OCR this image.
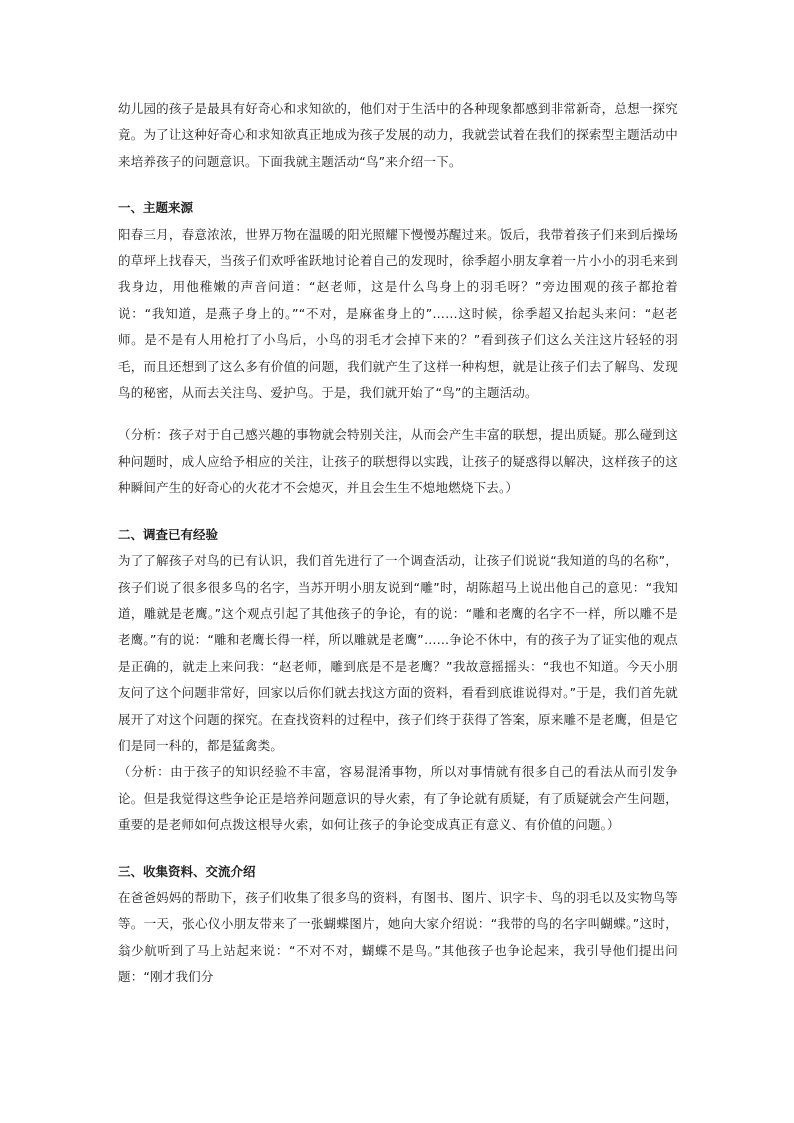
幼儿园的孩子是最具有好奇心和求知欲的，他们对于生活中的各种现象都感到非常新奇，总想一探究竟。为了让这种好奇心和求知欲真正地成为孩子发展的动力，我就尝试着在我们的探索型主题活动中来培养孩子的问题意识。下面我就主题活动“鸟”来介绍一下。

一、主题来源

阳春三月，春意浓浓，世界万物在温暖的阳光照耀下慢慢苏醒过来。饭后，我带着孩子们来到后操场的草坪上找春天，当孩子们欢呼雀跃地讨论着自己的发现时，徐季超小朋友拿着一片小小的羽毛来到我身边，用他稚嫩的声音问道：“赵老师，这是什么鸟身上的羽毛呀？”旁边围观的孩子都抢着说：“我知道，是燕子身上的。”“不对，是麻雀身上的”……这时候，徐季超又抬起头来问：“赵老师。是不是有人用枪打了小鸟后，小鸟的羽毛才会掉下来的？”看到孩子们这么关注这片轻轻的羽毛，而且还想到了这么多有价值的问题，我们就产生了这样一种构想，就是让孩子们去了解鸟、发现鸟的秘密，从而去关注鸟、爱护鸟。于是，我们就开始了“鸟”的主题活动。

（分析：孩子对于自己感兴趣的事物就会特别关注，从而会产生丰富的联想，提出质疑。那么碰到这种问题时，成人应给予相应的关注，让孩子的联想得以实践，让孩子的疑惑得以解决，这样孩子的这种瞬间产生的好奇心的火花才不会熄灭，并且会生生不熄地燃烧下去。）

二、调查已有经验

为了了解孩子对鸟的已有认识，我们首先进行了一个调查活动，让孩子们说说“我知道的鸟的名称”，孩子们说了很多很多鸟的名字，当苏开明小朋友说到“雕”时，胡陈超马上说出他自己的意见：“我知道，雕就是老鹰。”这个观点引起了其他孩子的争论，有的说：“雕和老鹰的名字不一样，所以雕不是老鹰。”有的说：“雕和老鹰长得一样，所以雕就是老鹰”……争论不休中，有的孩子为了证实他的观点是正确的，就走上来问我：“赵老师，雕到底是不是老鹰？”我故意摇摇头：“我也不知道。今天小朋友问了这个问题非常好，回家以后你们就去找这方面的资料，看看到底谁说得对。”于是，我们首先就展开了对这个问题的探究。在查找资料的过程中，孩子们终于获得了答案，原来雕不是老鹰，但是它们是同一科的，都是猛禽类。

（分析：由于孩子的知识经验不丰富，容易混淆事物，所以对事情就有很多自己的看法从而引发争论。但是我觉得这些争论正是培养问题意识的导火索，有了争论就有质疑，有了质疑就会产生问题，重要的是老师如何点拨这根导火索，如何让孩子的争论变成真正有意义、有价值的问题。）

三、收集资料、交流介绍

在爸爸妈妈的帮助下，孩子们收集了很多鸟的资料，有图书、图片、识字卡、鸟的羽毛以及实物鸟等等。一天，张心仪小朋友带来了一张蝴蝶图片，她向大家介绍说：“我带的鸟的名字叫蝴蝶。”这时，翁少航听到了马上站起来说：“不对不对，蝴蝶不是鸟。”其他孩子也争论起来，我引导他们提出问题：“刚才我们分
